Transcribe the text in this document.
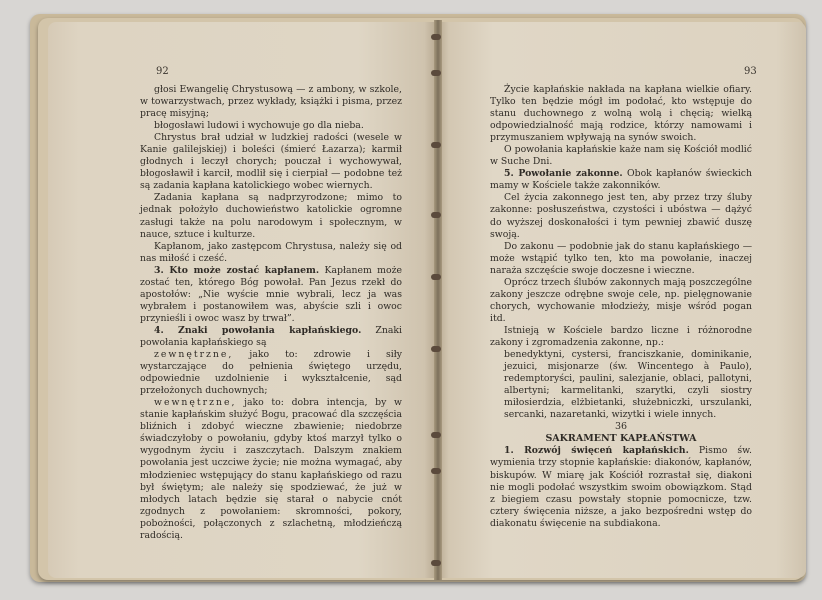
92

głosi Ewangelię Chrystusową — z ambony, w szkole, w towarzystwach, przez wykłady, książki i pisma, przez pracę misyjną;

błogosławi ludowi i wychowuje go dla nieba.

Chrystus brał udział w ludzkiej radości (wesele w Kanie galilejskiej) i boleści (śmierć Łazarza); karmił głodnych i leczył chorych; pouczał i wychowywał, błogosławił i karcił, modlił się i cierpiał — podobne też są zadania kapłana katolickiego wobec wiernych.

Zadania kapłana są nadprzyrodzone; mimo to jednak położyło duchowieństwo katolickie ogromne zasługi także na polu narodowym i społecznym, w nauce, sztuce i kulturze.

Kapłanom, jako zastępcom Chrystusa, należy się od nas miłość i cześć.

3. Kto może zostać kapłanem. Kapłanem może zostać ten, którego Bóg powołał. Pan Jezus rzekł do apostołów: „Nie wyście mnie wybrali, lecz ja was wybrałem i postanowiłem was, abyście szli i owoc przynieśli i owoc wasz by trwał”.

4. Znaki powołania kapłańskiego. Znaki powołania kapłańskiego są

zewnętrzne, jako to: zdrowie i siły wystarczające do pełnienia świętego urzędu, odpowiednie uzdolnienie i wykształcenie, sąd przełożonych duchownych;

wewnętrzne, jako to: dobra intencja, by w stanie kapłańskim służyć Bogu, pracować dla szczęścia bliźnich i zdobyć wieczne zbawienie; niedobrze świadczyłoby o powołaniu, gdyby ktoś marzył tylko o wygodnym życiu i zaszczytach. Dalszym znakiem powołania jest uczciwe życie; nie można wymagać, aby młodzieniec wstępujący do stanu kapłańskiego od razu był świętym; ale należy się spodziewać, że już w młodych latach będzie się starał o nabycie cnót zgodnych z powołaniem: skromności, pokory, pobożności, połączonych z szlachetną, młodzieńczą radością.

93

Życie kapłańskie nakłada na kapłana wielkie ofiary. Tylko ten będzie mógł im podołać, kto wstępuje do stanu duchownego z wolną wolą i chęcią; wielką odpowiedzialność mają rodzice, którzy namowami i przymuszaniem wpływają na synów swoich.

O powołania kapłańskie każe nam się Kościół modlić w Suche Dni.

5. Powołanie zakonne. Obok kapłanów świeckich mamy w Kościele także zakonników.

Cel życia zakonnego jest ten, aby przez trzy śluby zakonne: posłuszeństwa, czystości i ubóstwa — dążyć do wyższej doskonałości i tym pewniej zbawić duszę swoją.

Do zakonu — podobnie jak do stanu kapłańskiego — może wstąpić tylko ten, kto ma powołanie, inaczej naraża szczęście swoje doczesne i wieczne.

Oprócz trzech ślubów zakonnych mają poszczególne zakony jeszcze odrębne swoje cele, np. pielęgnowanie chorych, wychowanie młodzieży, misje wśród pogan itd.

Istnieją w Kościele bardzo liczne i różnorodne zakony i zgromadzenia zakonne, np.:

benedyktyni, cystersi, franciszkanie, dominikanie, jezuici, misjonarze (św. Wincentego à Paulo), redemptoryści, paulini, salezjanie, oblaci, pallotyni, albertyni; karmelitanki, szarytki, czyli siostry miłosierdzia, elżbietanki, służebniczki, urszulanki, sercanki, nazaretanki, wizytki i wiele innych.

36

SAKRAMENT KAPŁAŃSTWA

1. Rozwój święceń kapłańskich. Pismo św. wymienia trzy stopnie kapłańskie: diakonów, kapłanów, biskupów. W miarę jak Kościół rozrastał się, diakoni nie mogli podołać wszystkim swoim obowiązkom. Stąd z biegiem czasu powstały stopnie pomocnicze, tzw. cztery święcenia niższe, a jako bezpośredni wstęp do diakonatu święcenie na subdiakona.
